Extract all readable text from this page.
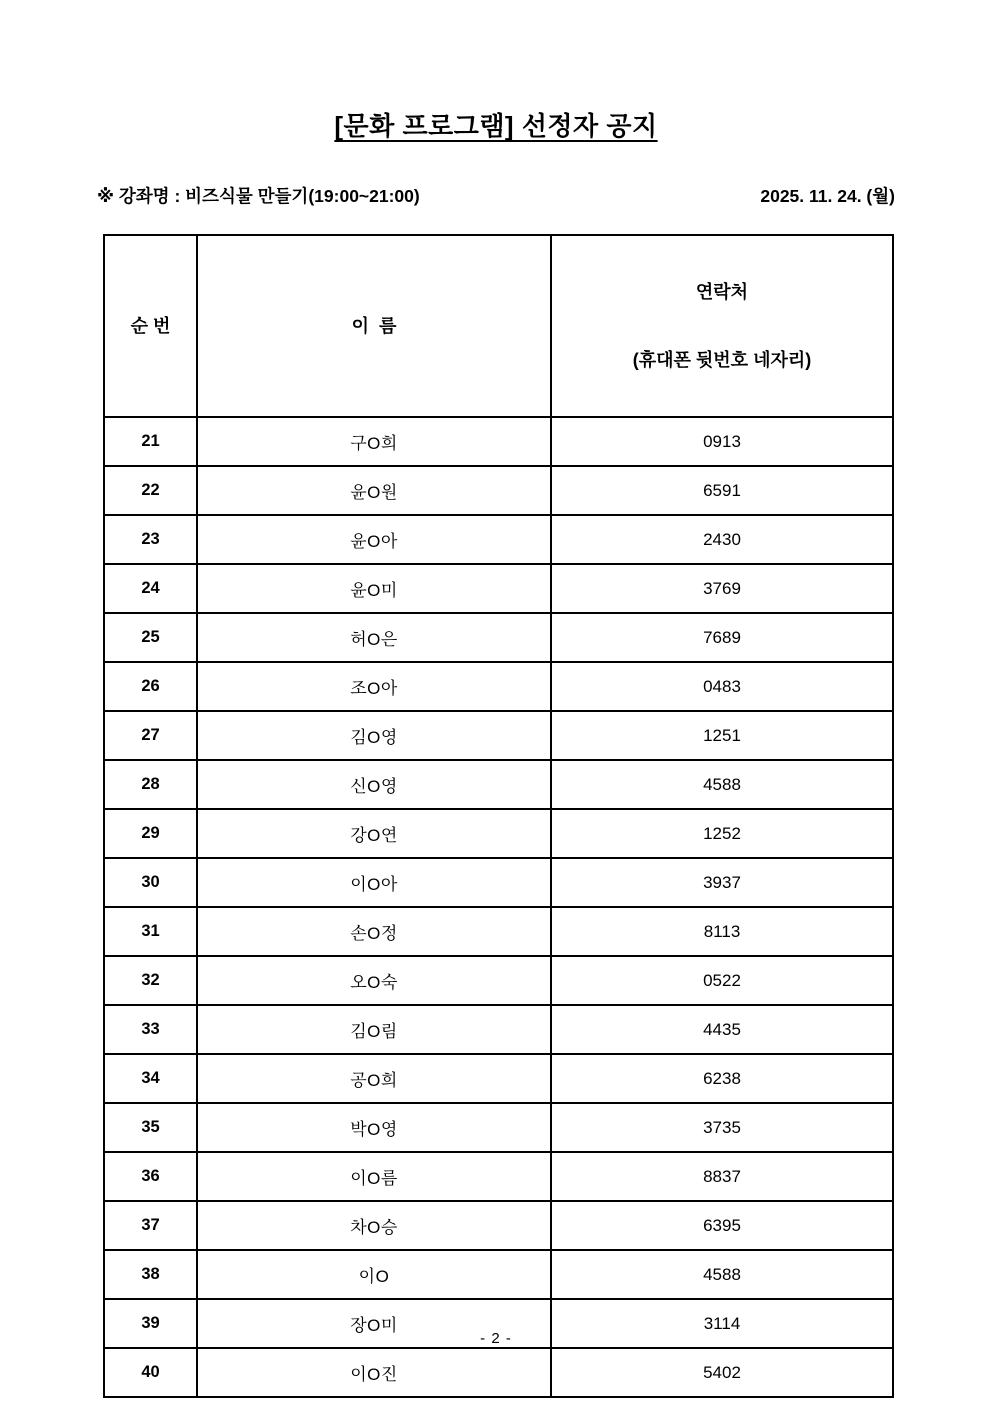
[문화 프로그램] 선정자 공지
※ 강좌명 : 비즈식물 만들기(19:00~21:00)	2025. 11. 24. (월)
순 번	이  름	연락처

(휴대폰 뒷번호 네자리)

21	구O희	0913
22	윤O원	6591
23	윤O아	2430
24	윤O미	3769
25	허O은	7689
26	조O아	0483
27	김O영	1251
28	신O영	4588
29	강O연	1252
30	이O아	3937
31	손O정	8113
32	오O숙	0522
33	김O림	4435
34	공O희	6238
35	박O영	3735
36	이O름	8837
37	차O승	6395
38	이O	4588
39	장O미	3114
40	이O진	5402
- 2 -
